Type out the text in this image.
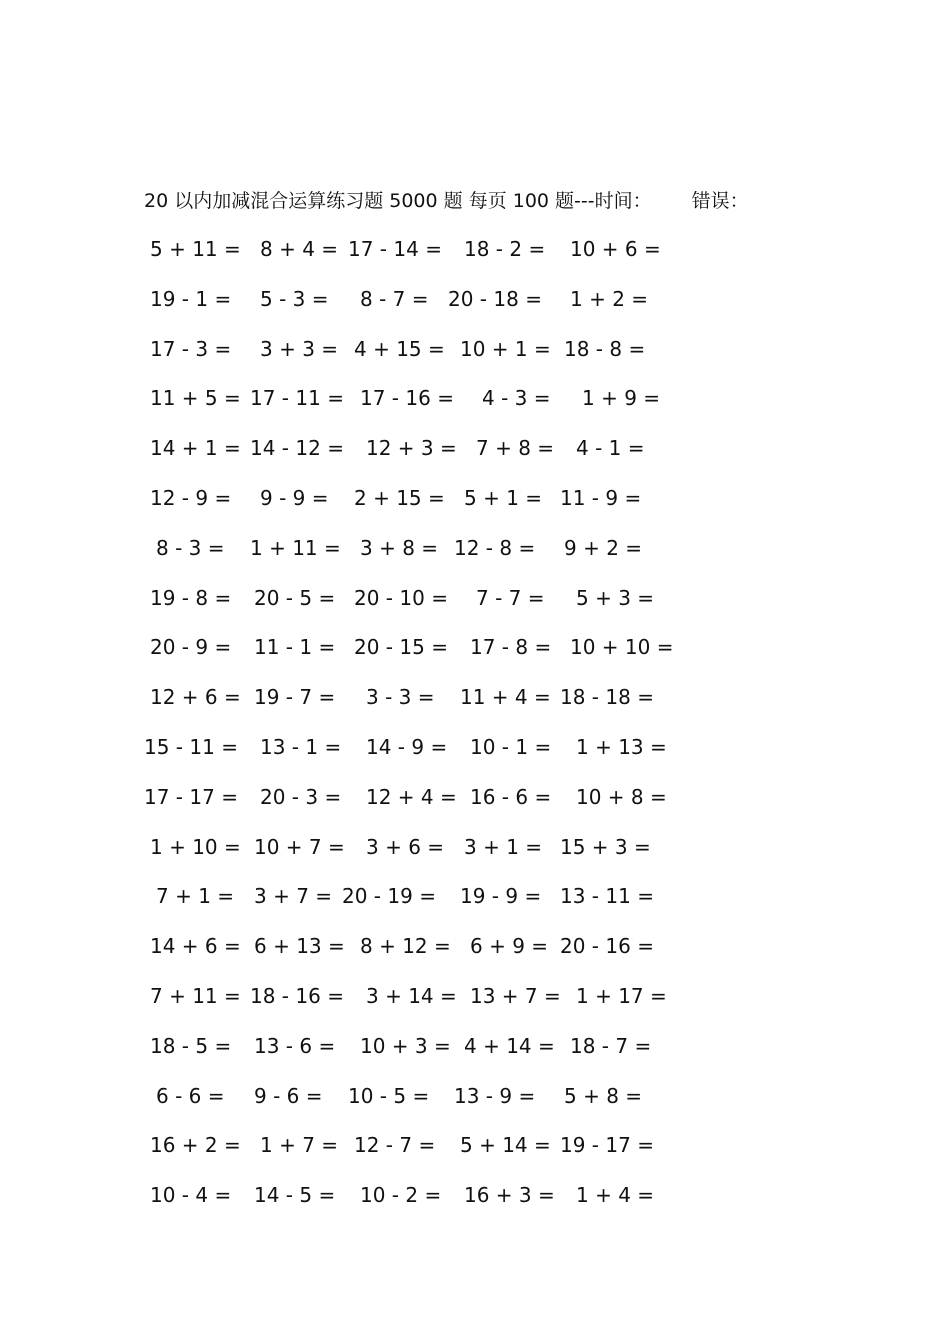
20 以内加减混合运算练习题 5000 题 每页 100 题---时间： 错误：
5 + 11 = 8 + 4 = 17 - 14 = 18 - 2 = 10 + 6 =
19 - 1 = 5 - 3 = 8 - 7 = 20 - 18 = 1 + 2 =
17 - 3 = 3 + 3 = 4 + 15 = 10 + 1 = 18 - 8 =
11 + 5 = 17 - 11 = 17 - 16 = 4 - 3 = 1 + 9 =
14 + 1 = 14 - 12 = 12 + 3 = 7 + 8 = 4 - 1 =
12 - 9 = 9 - 9 = 2 + 15 = 5 + 1 = 11 - 9 =
8 - 3 = 1 + 11 = 3 + 8 = 12 - 8 = 9 + 2 =
19 - 8 = 20 - 5 = 20 - 10 = 7 - 7 = 5 + 3 =
20 - 9 = 11 - 1 = 20 - 15 = 17 - 8 = 10 + 10 =
12 + 6 = 19 - 7 = 3 - 3 = 11 + 4 = 18 - 18 =
15 - 11 = 13 - 1 = 14 - 9 = 10 - 1 = 1 + 13 =
17 - 17 = 20 - 3 = 12 + 4 = 16 - 6 = 10 + 8 =
1 + 10 = 10 + 7 = 3 + 6 = 3 + 1 = 15 + 3 =
7 + 1 = 3 + 7 = 20 - 19 = 19 - 9 = 13 - 11 =
14 + 6 = 6 + 13 = 8 + 12 = 6 + 9 = 20 - 16 =
7 + 11 = 18 - 16 = 3 + 14 = 13 + 7 = 1 + 17 =
18 - 5 = 13 - 6 = 10 + 3 = 4 + 14 = 18 - 7 =
6 - 6 = 9 - 6 = 10 - 5 = 13 - 9 = 5 + 8 =
16 + 2 = 1 + 7 = 12 - 7 = 5 + 14 = 19 - 17 =
10 - 4 = 14 - 5 = 10 - 2 = 16 + 3 = 1 + 4 =
